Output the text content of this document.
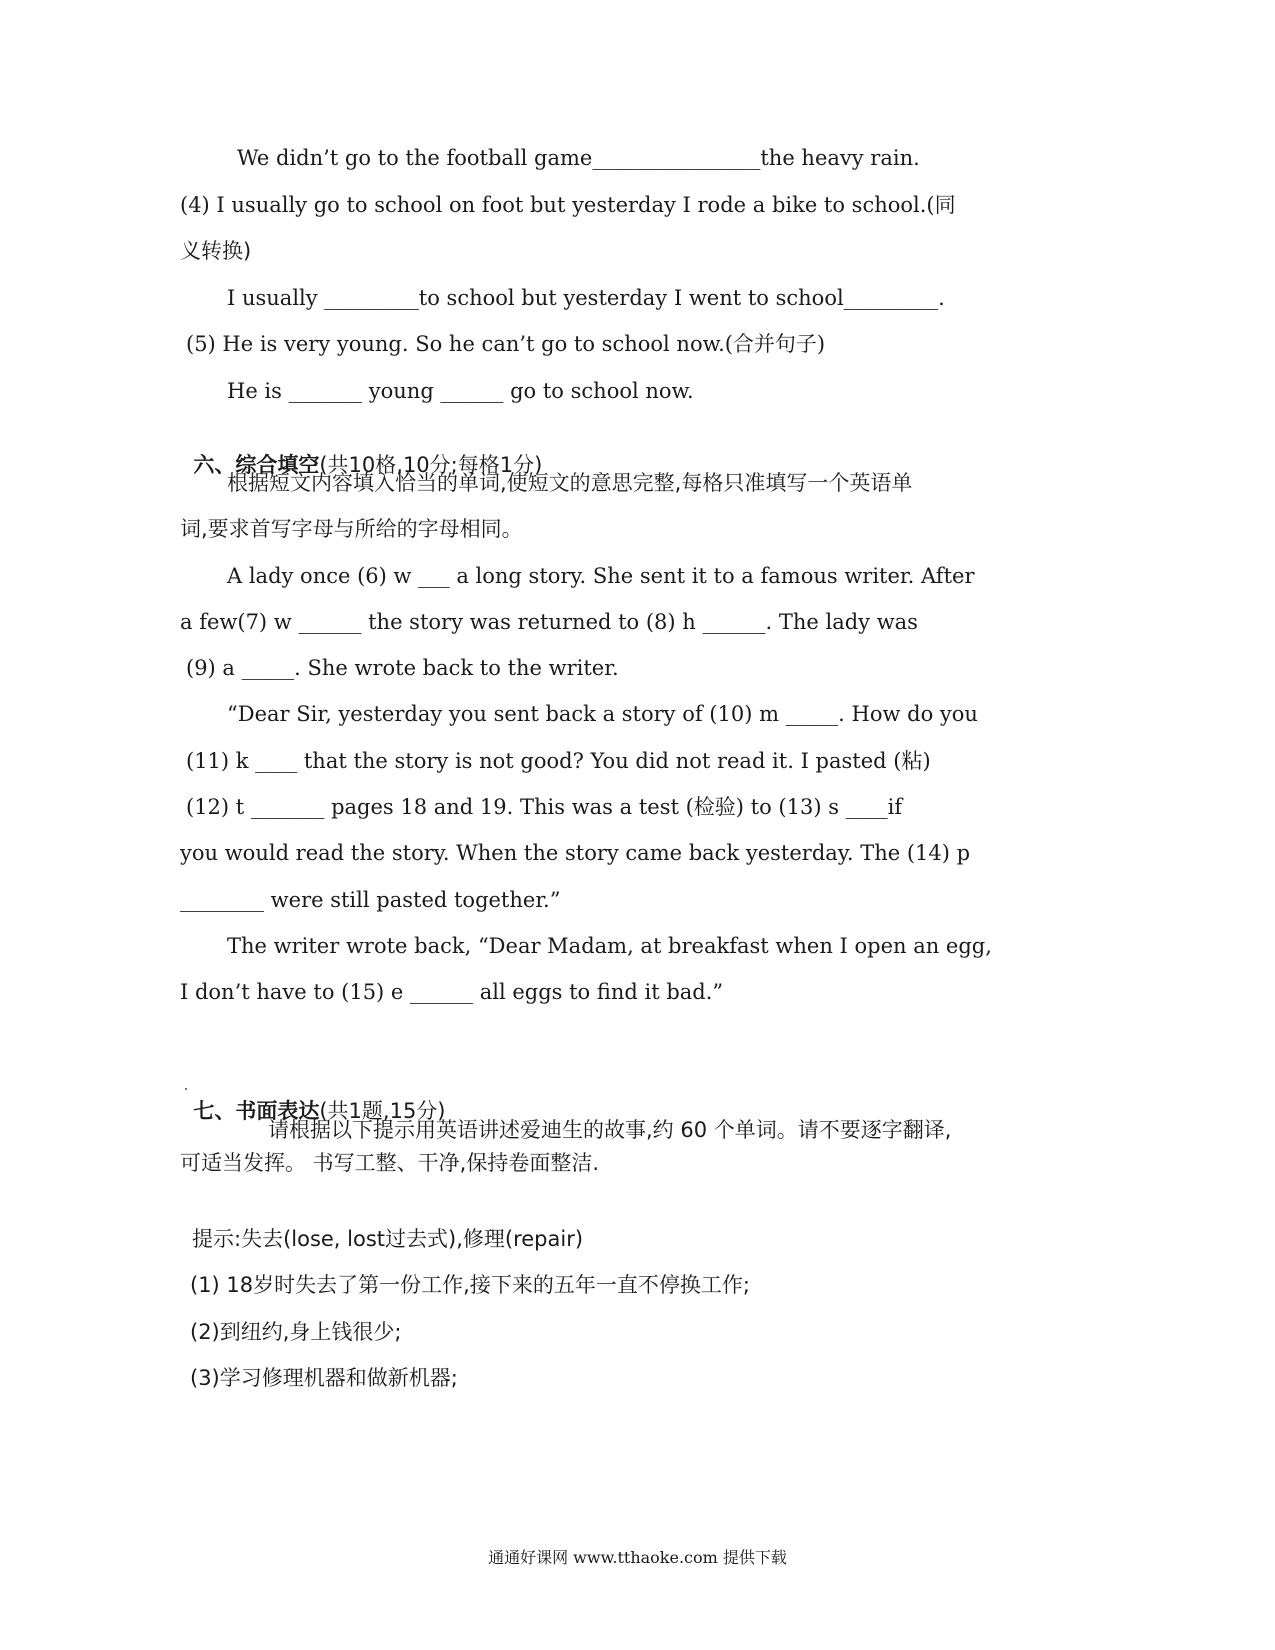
We didn’t go to the football game________________the heavy rain.
(4) I usually go to school on foot but yesterday I rode a bike to school.(同
义转换)
I usually _________to school but yesterday I went to school_________.
(5) He is very young. So he can’t go to school now.(合并句子)
He is _______ young ______ go to school now.

六、综合填空(共10格,10分;每格1分)

根据短文内容填入恰当的单词,使短文的意思完整,每格只准填写一个英语单
词,要求首写字母与所给的字母相同。
A lady once (6) w ___ a long story. She sent it to a famous writer. After
a few(7) w ______ the story was returned to (8) h ______. The lady was
(9) a _____. She wrote back to the writer.
“Dear Sir, yesterday you sent back a story of (10) m _____. How do you
(11) k ____ that the story is not good? You did not read it. I pasted (粘)
(12) t _______ pages 18 and 19. This was a test (检验) to (13) s ____if
you would read the story. When the story came back yesterday. The (14) p
________ were still pasted together.”
The writer wrote back, “Dear Madam, at breakfast when I open an egg,
I don’t have to (15) e ______ all eggs to find it bad.”

七、书面表达(共1题,15分)

请根据以下提示用英语讲述爱迪生的故事,约 60 个单词。请不要逐字翻译,
可适当发挥。 书写工整、干净,保持卷面整洁.
提示:失去(lose, lost过去式),修理(repair)
(1) 18岁时失去了第一份工作,接下来的五年一直不停换工作;
(2)到纽约,身上钱很少;
(3)学习修理机器和做新机器;
通通好课网 www.tthaoke.com 提供下载
